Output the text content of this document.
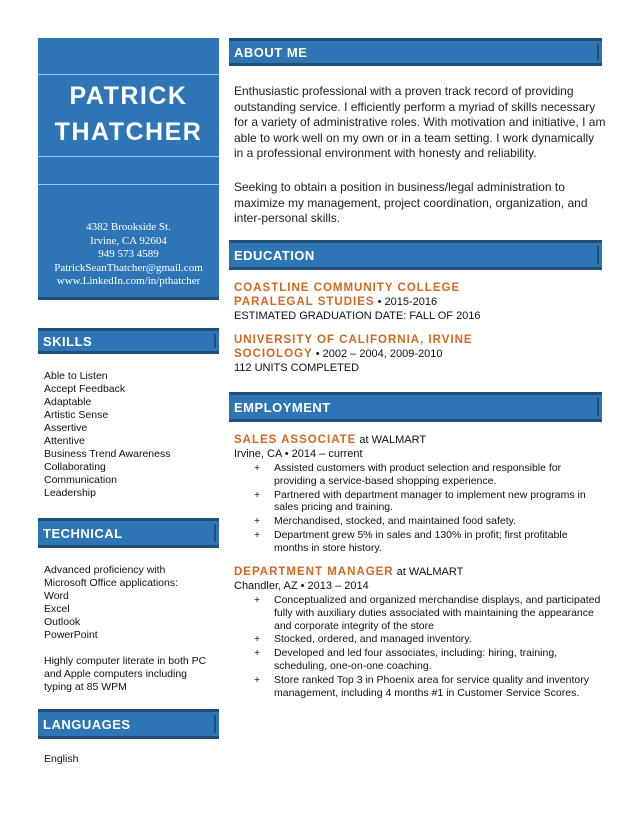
PATRICK
THATCHER
4382 Brookside St.
Irvine, CA 92604
949 573 4589
PatrickSeanThatcher@gmail.com
www.LinkedIn.com/in/pthatcher
SKILLS
Able to Listen
Accept Feedback
Adaptable
Artistic Sense
Assertive
Attentive
Business Trend Awareness
Collaborating
Communication
Leadership
TECHNICAL
Advanced proficiency with
Microsoft Office applications:
Word
Excel
Outlook
PowerPoint
Highly computer literate in both PC
and Apple computers including
typing at 85 WPM
LANGUAGES
English
ABOUT ME
Enthusiastic professional with a proven track record of providing outstanding service. I efficiently perform a myriad of skills necessary for a variety of administrative roles. With motivation and initiative, I am able to work well on my own or in a team setting. I work dynamically in a professional environment with honesty and reliability.
Seeking to obtain a position in business/legal administration to maximize my management, project coordination, organization, and inter-personal skills.
EDUCATION
COASTLINE COMMUNITY COLLEGE
PARALEGAL STUDIES • 2015-2016
ESTIMATED GRADUATION DATE: FALL OF 2016
UNIVERSITY OF CALIFORNIA, IRVINE
SOCIOLOGY • 2002 – 2004, 2009-2010
112 UNITS COMPLETED
EMPLOYMENT
SALES ASSOCIATE at WALMART
Irvine, CA • 2014 – current
+	Assisted customers with product selection and responsible for providing a service-based shopping experience.
+	Partnered with department manager to implement new programs in sales pricing and training.
+	Merchandised, stocked, and maintained food safety.
+	Department grew 5% in sales and 130% in profit; first profitable months in store history.
DEPARTMENT MANAGER at WALMART
Chandler, AZ • 2013 – 2014
+	Conceptualized and organized merchandise displays, and participated fully with auxiliary duties associated with maintaining the appearance and corporate integrity of the store
+	Stocked, ordered, and managed inventory.
+	Developed and led four associates, including: hiring, training, scheduling, one-on-one coaching.
+	Store ranked Top 3 in Phoenix area for service quality and inventory management, including 4 months #1 in Customer Service Scores.
